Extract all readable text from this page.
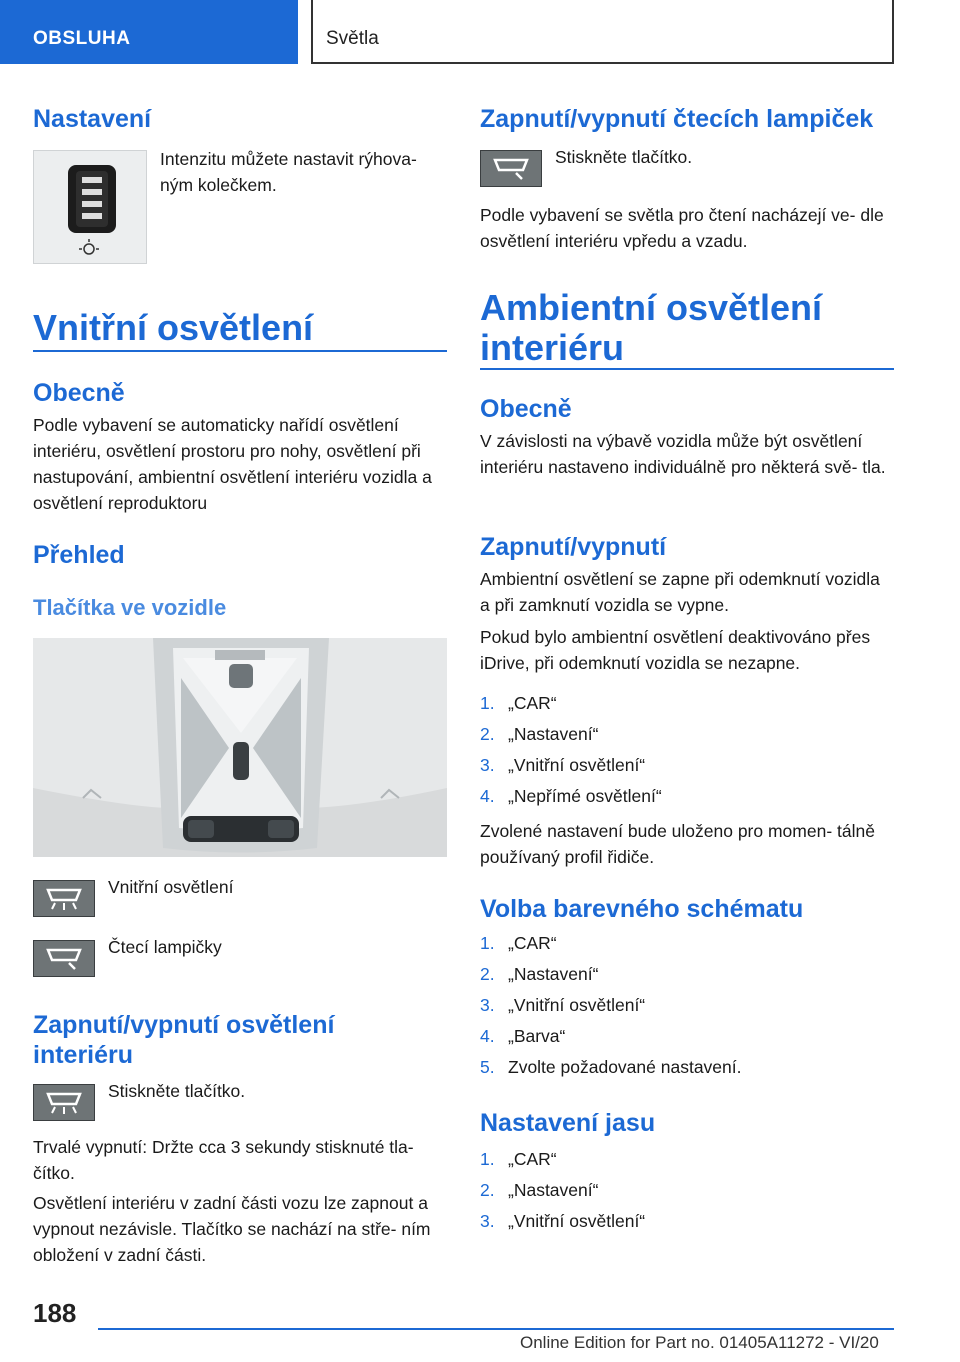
OBSLUHA	Světla
Nastavení

Intenzitu můžete nastavit rýhova‐ ným kolečkem.

Vnitřní osvětlení
Obecně

Podle vybavení se automaticky nařídí osvětlení interiéru, osvětlení prostoru pro nohy, osvětlení při nastupování, ambientní osvětlení interiéru vozidla a osvětlení reproduktoru

Přehled
Tlačítka ve vozidle

Vnitřní osvětlení

Čtecí lampičky

Zapnutí/vypnutí osvětlení interiéru

Stiskněte tlačítko.

Trvalé vypnutí: Držte cca 3 sekundy stisknuté tla‐ čítko.

Osvětlení interiéru v zadní části vozu lze zapnout a vypnout nezávisle. Tlačítko se nachází na stře‐ ním obložení v zadní části.

Zapnutí/vypnutí čtecích lampiček

Stiskněte tlačítko.

Podle vybavení se světla pro čtení nacházejí ve‐ dle osvětlení interiéru vpředu a vzadu.

Ambientní osvětlení interiéru
Obecně

V závislosti na výbavě vozidla může být osvětlení interiéru nastaveno individuálně pro některá svě‐ tla.

Zapnutí/vypnutí

Ambientní osvětlení se zapne při odemknutí vozidla a při zamknutí vozidla se vypne.

Pokud bylo ambientní osvětlení deaktivováno přes iDrive, při odemknutí vozidla se nezapne.

1. „CAR“
2. „Nastavení“
3. „Vnitřní osvětlení“
4. „Nepřímé osvětlení“

Zvolené nastavení bude uloženo pro momen‐ tálně používaný profil řidiče.

Volba barevného schématu
1. „CAR“
2. „Nastavení“
3. „Vnitřní osvětlení“
4. „Barva“
5. Zvolte požadované nastavení.
Nastavení jasu
1. „CAR“
2. „Nastavení“
3. „Vnitřní osvětlení“
188
Online Edition for Part no. 01405A11272 - VI/20
